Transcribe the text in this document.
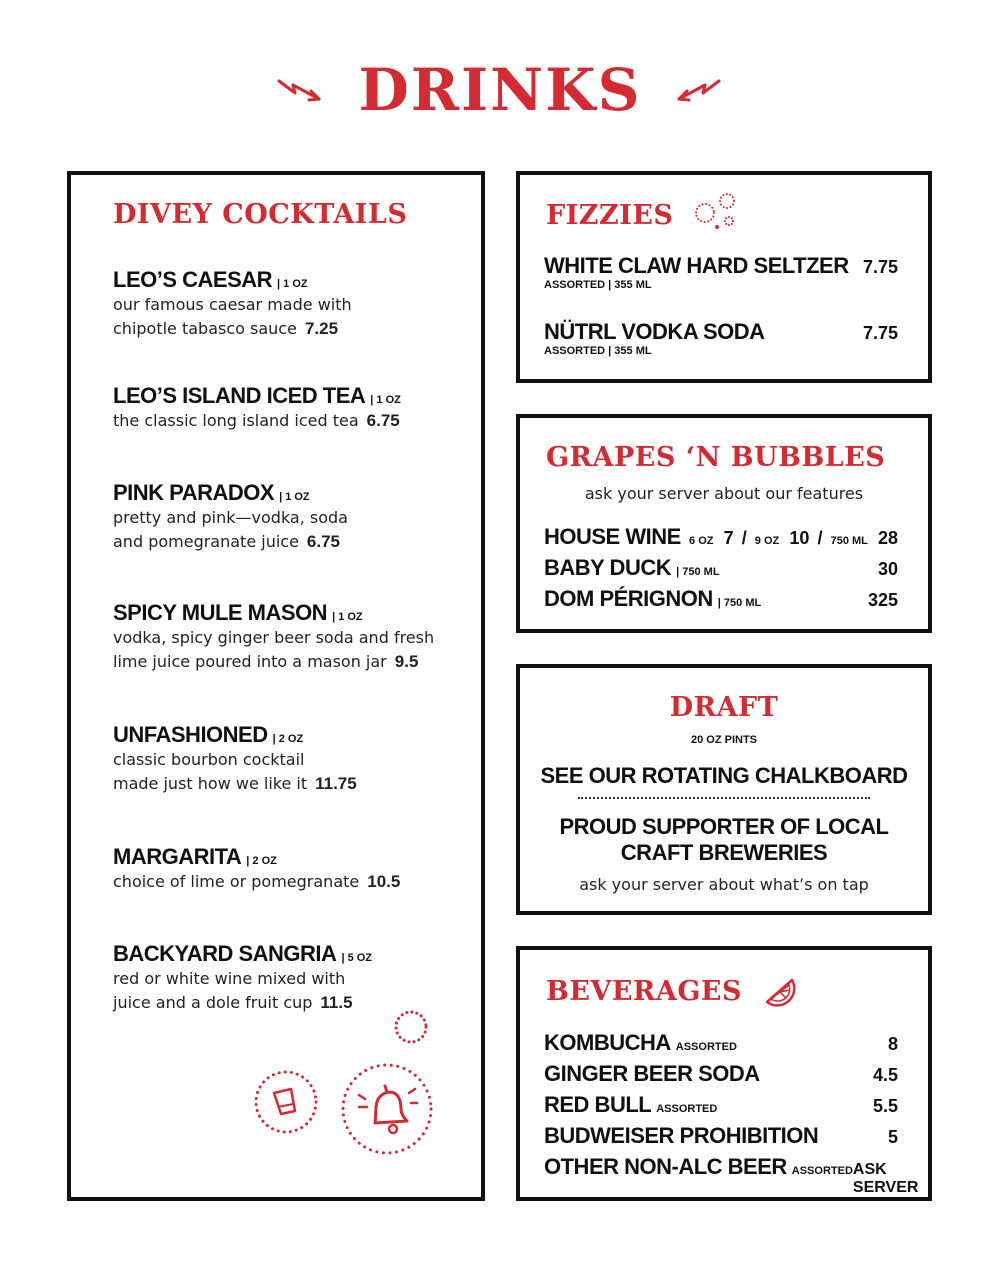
DRINKS
DIVEY COCKTAILS
LEO’S CAESAR | 1 OZ
our famous caesar made with
chipotle tabasco sauce 7.25
LEO’S ISLAND ICED TEA | 1 OZ
the classic long island iced tea 6.75
PINK PARADOX | 1 OZ
pretty and pink—vodka, soda
and pomegranate juice 6.75
SPICY MULE MASON | 1 OZ
vodka, spicy ginger beer soda and fresh
lime juice poured into a mason jar 9.5
UNFASHIONED | 2 OZ
classic bourbon cocktail
made just how we like it 11.75
MARGARITA | 2 OZ
choice of lime or pomegranate 10.5
BACKYARD SANGRIA | 5 OZ
red or white wine mixed with
juice and a dole fruit cup 11.5
FIZZIES
WHITE CLAW HARD SELTZER
ASSORTED | 355 ML
7.75
NÜTRL VODKA SODA
ASSORTED | 355 ML
7.75
GRAPES ‘N BUBBLES
ask your server about our features
HOUSE WINE 6 OZ 7 / 9 OZ 10 / 750 ML 28
BABY DUCK | 750 ML	30
DOM PÉRIGNON | 750 ML	325
DRAFT
20 OZ PINTS
SEE OUR ROTATING CHALKBOARD
PROUD SUPPORTER OF LOCAL
CRAFT BREWERIES
ask your server about what’s on tap
BEVERAGES
KOMBUCHA ASSORTED	8
GINGER BEER SODA	4.5
RED BULL ASSORTED	5.5
BUDWEISER PROHIBITION	5
OTHER NON-ALC BEER ASSORTED ASK SERVER
